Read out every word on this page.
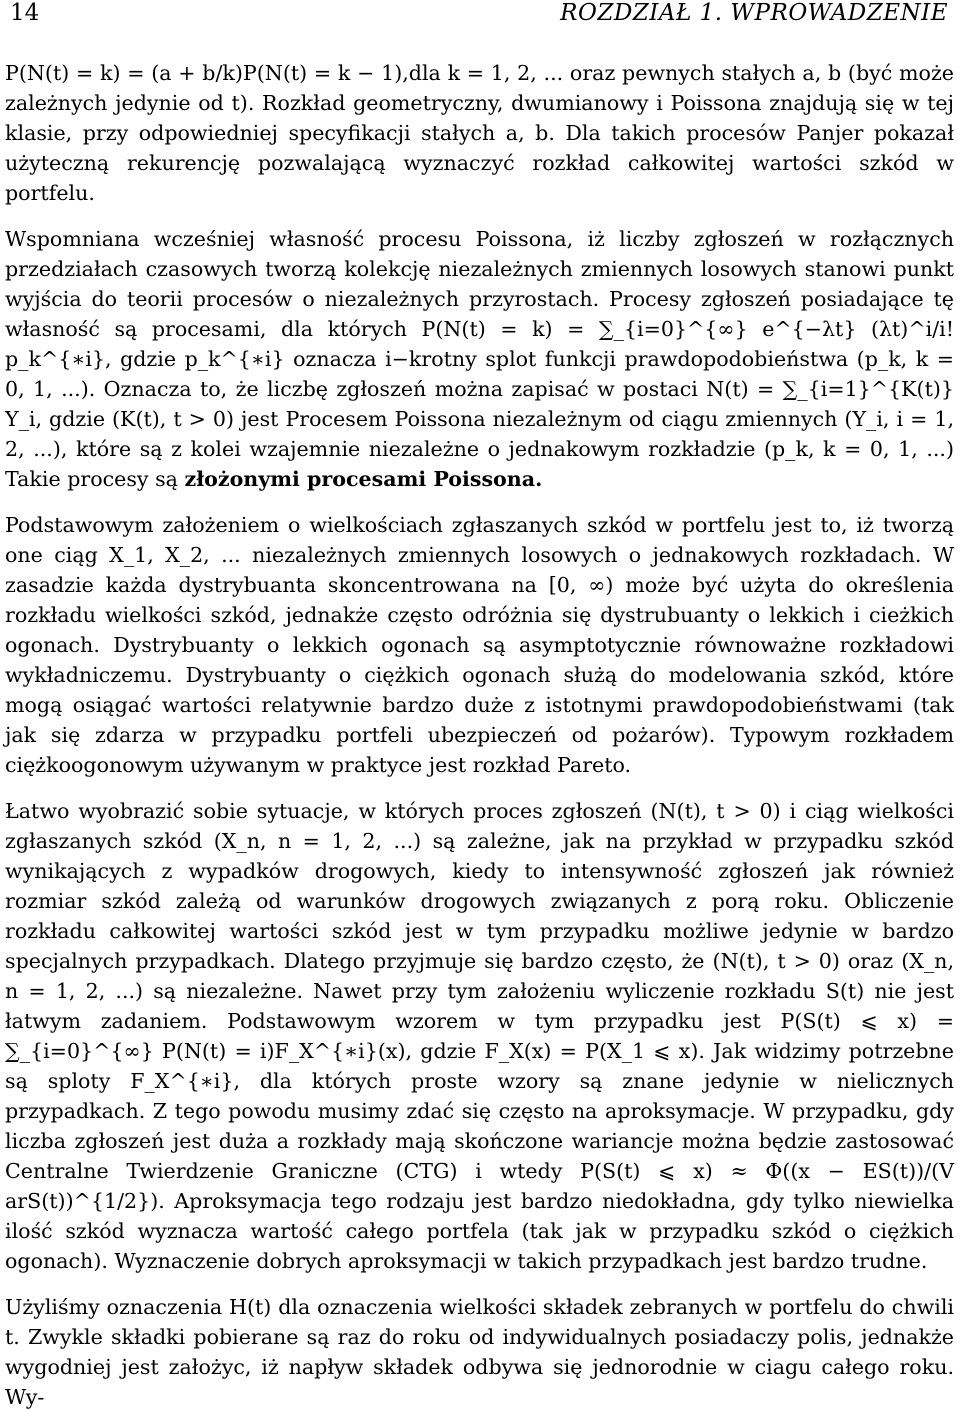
14	ROZDZIAŁ 1. WPROWADZENIE

P(N(t) = k) = (a + b/k)P(N(t) = k − 1),dla k = 1, 2, ... oraz pewnych stałych a, b (być może zależnych jedynie od t). Rozkład geometryczny, dwumianowy i Poissona znajdują się w tej klasie, przy odpowiedniej specyfikacji stałych a, b. Dla takich procesów Panjer pokazał użyteczną rekurencję pozwalającą wyznaczyć rozkład całkowitej wartości szkód w portfelu.

Wspomniana wcześniej własność procesu Poissona, iż liczby zgłoszeń w rozłącznych przedziałach czasowych tworzą kolekcję niezależnych zmiennych losowych stanowi punkt wyjścia do teorii procesów o niezależnych przyrostach. Procesy zgłoszeń posiadające tę własność są procesami, dla których P(N(t) = k) = ∑_{i=0}^{∞} e^{−λt} (λt)^i/i! p_k^{∗i}, gdzie p_k^{∗i} oznacza i−krotny splot funkcji prawdopodobieństwa (p_k, k = 0, 1, ...). Oznacza to, że liczbę zgłoszeń można zapisać w postaci N(t) = ∑_{i=1}^{K(t)} Y_i, gdzie (K(t), t > 0) jest Procesem Poissona niezależnym od ciągu zmiennych (Y_i, i = 1, 2, ...), które są z kolei wzajemnie niezależne o jednakowym rozkładzie (p_k, k = 0, 1, ...) Takie procesy są złożonymi procesami Poissona.

Podstawowym założeniem o wielkościach zgłaszanych szkód w portfelu jest to, iż tworzą one ciąg X_1, X_2, ... niezależnych zmiennych losowych o jednakowych rozkładach. W zasadzie każda dystrybuanta skoncentrowana na [0, ∞) może być użyta do określenia rozkładu wielkości szkód, jednakże często odróżnia się dystrubuanty o lekkich i cieżkich ogonach. Dystrybuanty o lekkich ogonach są asymptotycznie równoważne rozkładowi wykładniczemu. Dystrybuanty o ciężkich ogonach służą do modelowania szkód, które mogą osiągać wartości relatywnie bardzo duże z istotnymi prawdopodobieństwami (tak jak się zdarza w przypadku portfeli ubezpieczeń od pożarów). Typowym rozkładem ciężkoogonowym używanym w praktyce jest rozkład Pareto.

Łatwo wyobrazić sobie sytuacje, w których proces zgłoszeń (N(t), t > 0) i ciąg wielkości zgłaszanych szkód (X_n, n = 1, 2, ...) są zależne, jak na przykład w przypadku szkód wynikających z wypadków drogowych, kiedy to intensywność zgłoszeń jak również rozmiar szkód zależą od warunków drogowych związanych z porą roku. Obliczenie rozkładu całkowitej wartości szkód jest w tym przypadku możliwe jedynie w bardzo specjalnych przypadkach. Dlatego przyjmuje się bardzo często, że (N(t), t > 0) oraz (X_n, n = 1, 2, ...) są niezależne. Nawet przy tym założeniu wyliczenie rozkładu S(t) nie jest łatwym zadaniem. Podstawowym wzorem w tym przypadku jest P(S(t) ⩽ x) = ∑_{i=0}^{∞} P(N(t) = i)F_X^{∗i}(x), gdzie F_X(x) = P(X_1 ⩽ x). Jak widzimy potrzebne są sploty F_X^{∗i}, dla których proste wzory są znane jedynie w nielicznych przypadkach. Z tego powodu musimy zdać się często na aproksymacje. W przypadku, gdy liczba zgłoszeń jest duża a rozkłady mają skończone wariancje można będzie zastosować Centralne Twierdzenie Graniczne (CTG) i wtedy P(S(t) ⩽ x) ≈ Φ((x − ES(t))/(V arS(t))^{1/2}). Aproksymacja tego rodzaju jest bardzo niedokładna, gdy tylko niewielka ilość szkód wyznacza wartość całego portfela (tak jak w przypadku szkód o ciężkich ogonach). Wyznaczenie dobrych aproksymacji w takich przypadkach jest bardzo trudne.

Użyliśmy oznaczenia H(t) dla oznaczenia wielkości składek zebranych w portfelu do chwili t. Zwykle składki pobierane są raz do roku od indywidualnych posiadaczy polis, jednakże wygodniej jest założyc, iż napływ składek odbywa się jednorodnie w ciagu całego roku. Wy-
